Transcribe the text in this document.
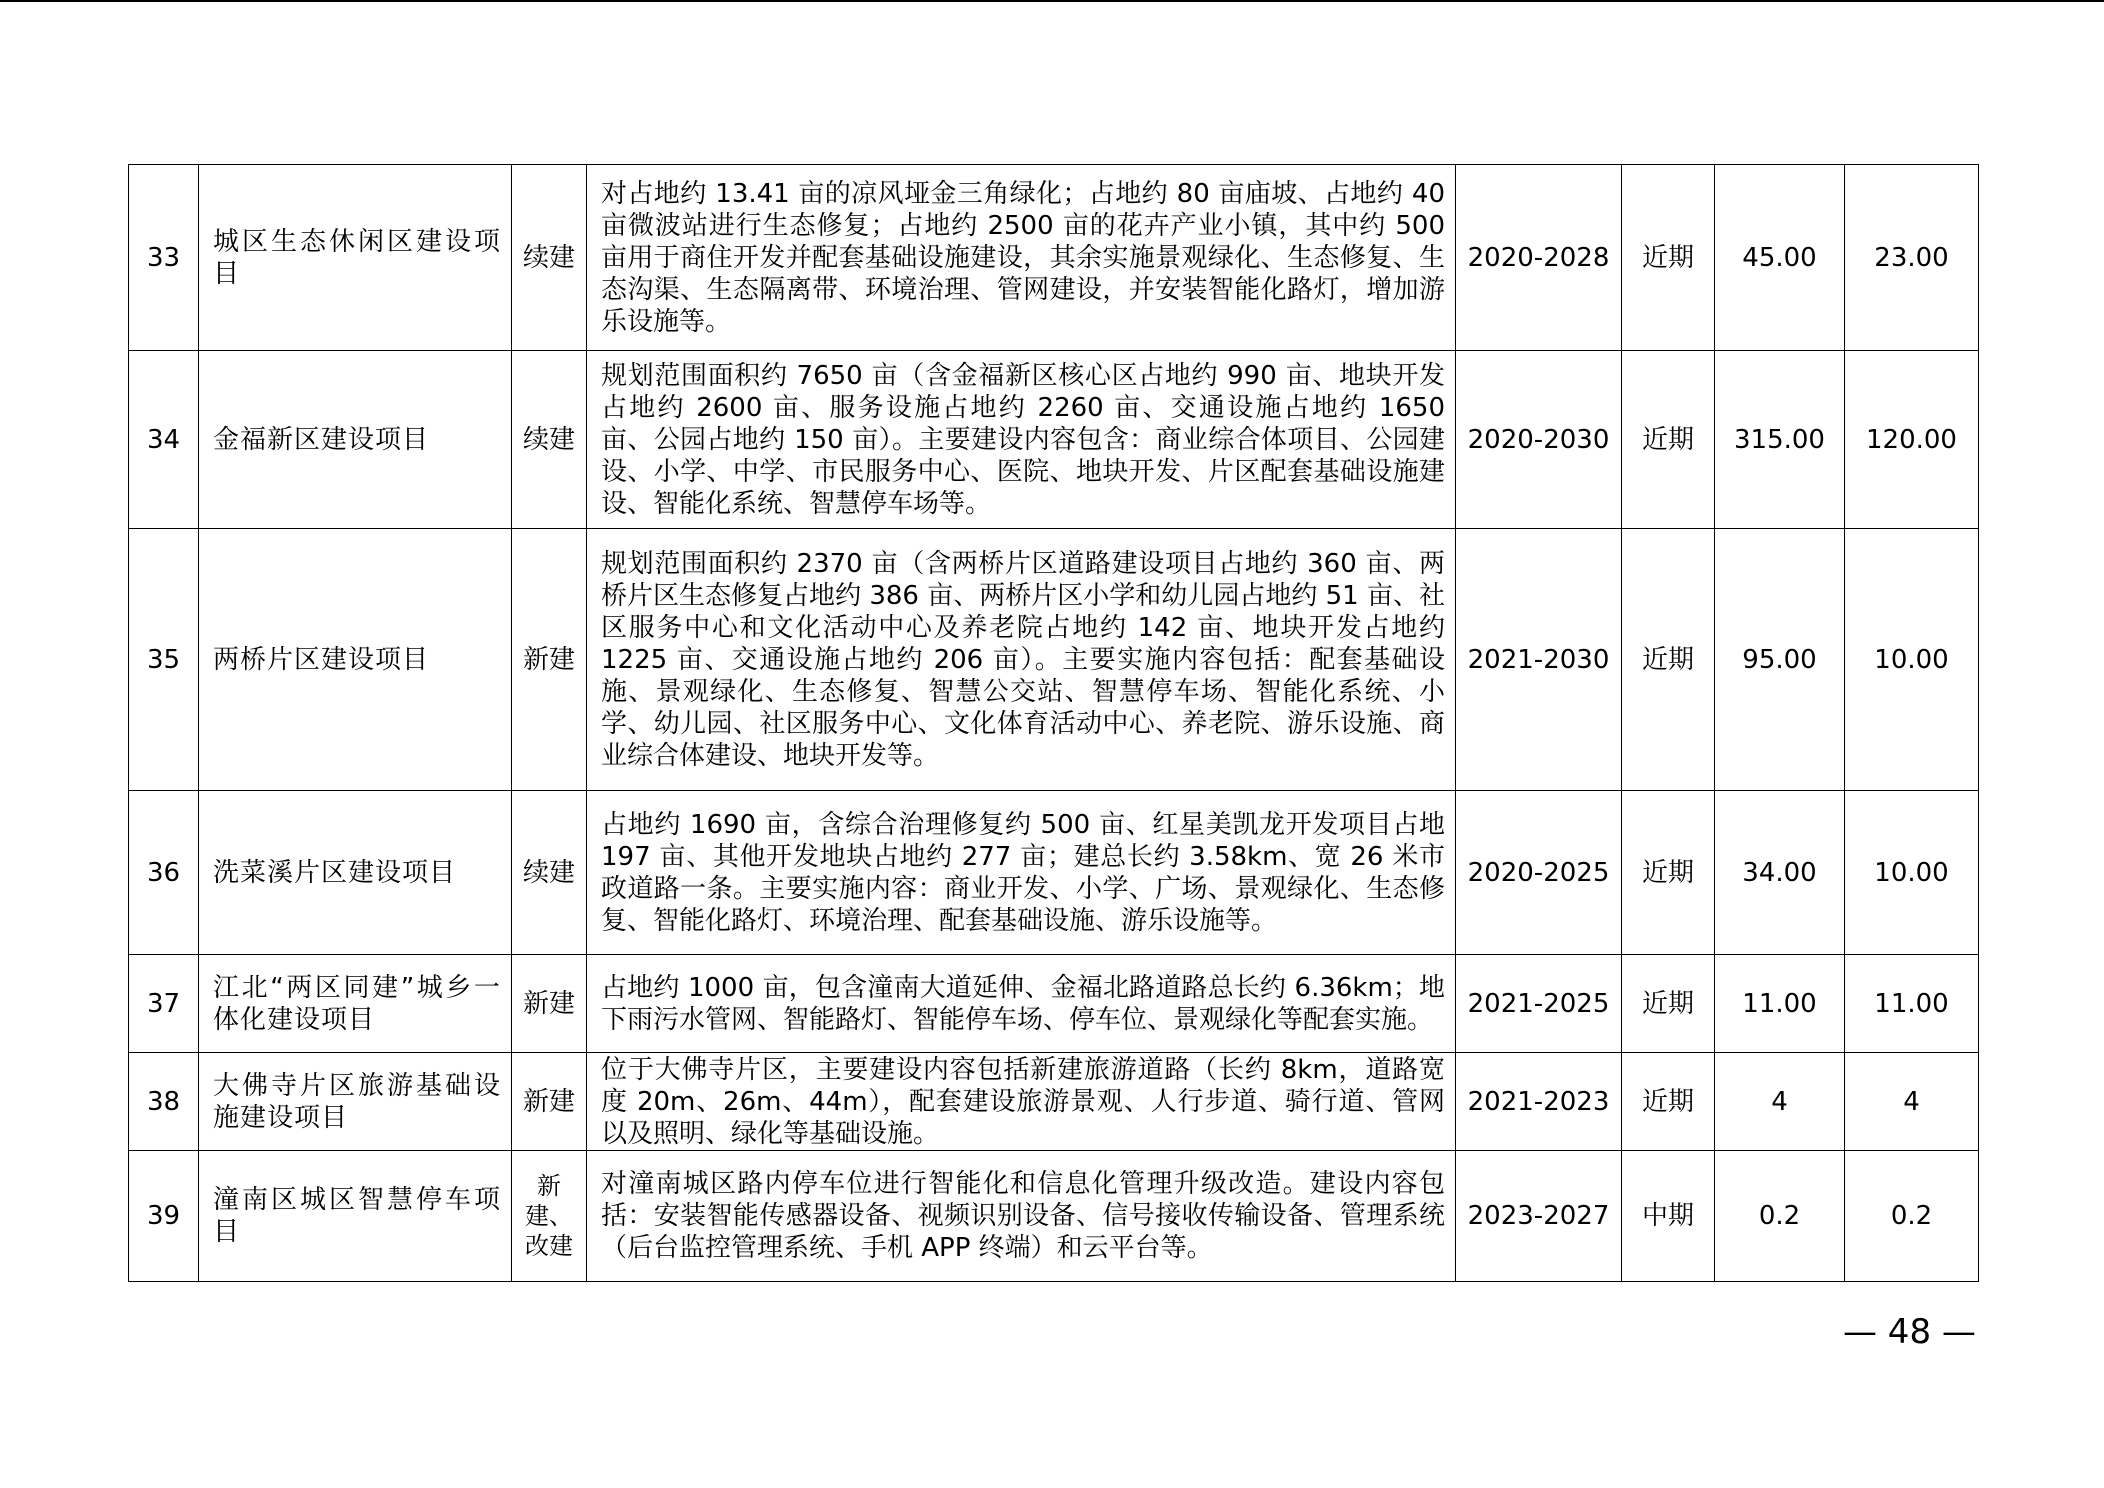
33	城区生态休闲区建设项目	续建	对占地约 13.41 亩的凉风垭金三角绿化；占地约 80 亩庙坡、占地约 40 亩微波站进行生态修复；占地约 2500 亩的花卉产业小镇，其中约 500 亩用于商住开发并配套基础设施建设，其余实施景观绿化、生态修复、生态沟渠、生态隔离带、环境治理、管网建设，并安装智能化路灯，增加游乐设施等。	2020-2028	近期	45.00	23.00
34	金福新区建设项目	续建	规划范围面积约 7650 亩（含金福新区核心区占地约 990 亩、地块开发占地约 2600 亩、服务设施占地约 2260 亩、交通设施占地约 1650 亩、公园占地约 150 亩）。主要建设内容包含：商业综合体项目、公园建设、小学、中学、市民服务中心、医院、地块开发、片区配套基础设施建设、智能化系统、智慧停车场等。	2020-2030	近期	315.00	120.00
35	两桥片区建设项目	新建	规划范围面积约 2370 亩（含两桥片区道路建设项目占地约 360 亩、两桥片区生态修复占地约 386 亩、两桥片区小学和幼儿园占地约 51 亩、社区服务中心和文化活动中心及养老院占地约 142 亩、地块开发占地约 1225 亩、交通设施占地约 206 亩）。主要实施内容包括：配套基础设施、景观绿化、生态修复、智慧公交站、智慧停车场、智能化系统、小学、幼儿园、社区服务中心、文化体育活动中心、养老院、游乐设施、商业综合体建设、地块开发等。	2021-2030	近期	95.00	10.00
36	洗菜溪片区建设项目	续建	占地约 1690 亩，含综合治理修复约 500 亩、红星美凯龙开发项目占地 197 亩、其他开发地块占地约 277 亩；建总长约 3.58km、宽 26 米市政道路一条。主要实施内容：商业开发、小学、广场、景观绿化、生态修复、智能化路灯、环境治理、配套基础设施、游乐设施等。	2020-2025	近期	34.00	10.00
37	江北“两区同建”城乡一体化建设项目	新建	占地约 1000 亩，包含潼南大道延伸、金福北路道路总长约 6.36km；地下雨污水管网、智能路灯、智能停车场、停车位、景观绿化等配套实施。	2021-2025	近期	11.00	11.00
38	大佛寺片区旅游基础设施建设项目	新建	位于大佛寺片区，主要建设内容包括新建旅游道路（长约 8km，道路宽度 20m、26m、44m），配套建设旅游景观、人行步道、骑行道、管网以及照明、绿化等基础设施。	2021-2023	近期	4	4
39	潼南区城区智慧停车项目	新建、改建	对潼南城区路内停车位进行智能化和信息化管理升级改造。建设内容包括：安装智能传感器设备、视频识别设备、信号接收传输设备、管理系统（后台监控管理系统、手机 APP 终端）和云平台等。	2023-2027	中期	0.2	0.2
— 48 —
